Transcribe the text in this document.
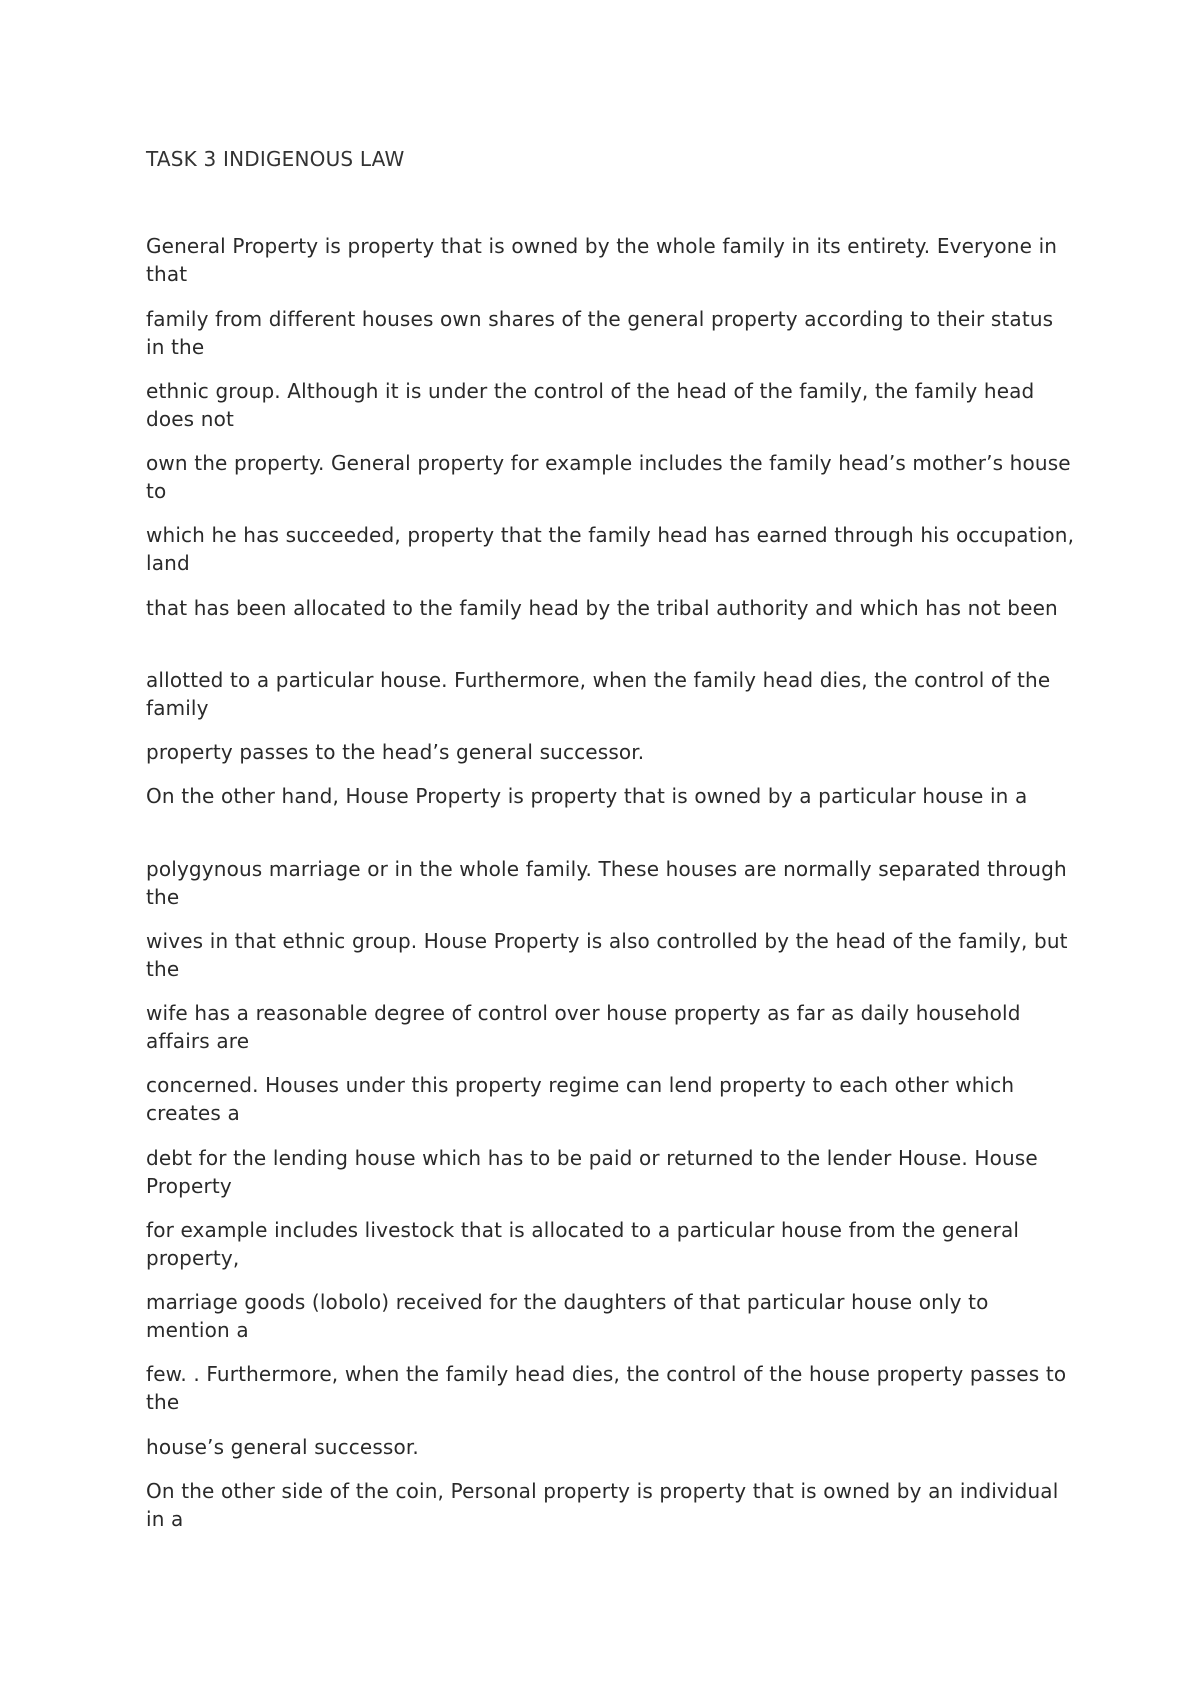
TASK 3 INDIGENOUS LAW

General Property is property that is owned by the whole family in its entirety. Everyone in that

family from different houses own shares of the general property according to their status in the

ethnic group. Although it is under the control of the head of the family, the family head does not

own the property. General property for example includes the family head’s mother’s house to

which he has succeeded, property that the family head has earned through his occupation, land

that has been allocated to the family head by the tribal authority and which has not been

allotted to a particular house. Furthermore, when the family head dies, the control of the family

property passes to the head’s general successor.

On the other hand, House Property is property that is owned by a particular house in a

polygynous marriage or in the whole family. These houses are normally separated through the

wives in that ethnic group. House Property is also controlled by the head of the family, but the

wife has a reasonable degree of control over house property as far as daily household affairs are

concerned. Houses under this property regime can lend property to each other which creates a

debt for the lending house which has to be paid or returned to the lender House. House Property

for example includes livestock that is allocated to a particular house from the general property,

marriage goods (lobolo) received for the daughters of that particular house only to mention a

few. . Furthermore, when the family head dies, the control of the house property passes to the

house’s general successor.

On the other side of the coin, Personal property is property that is owned by an individual in a
